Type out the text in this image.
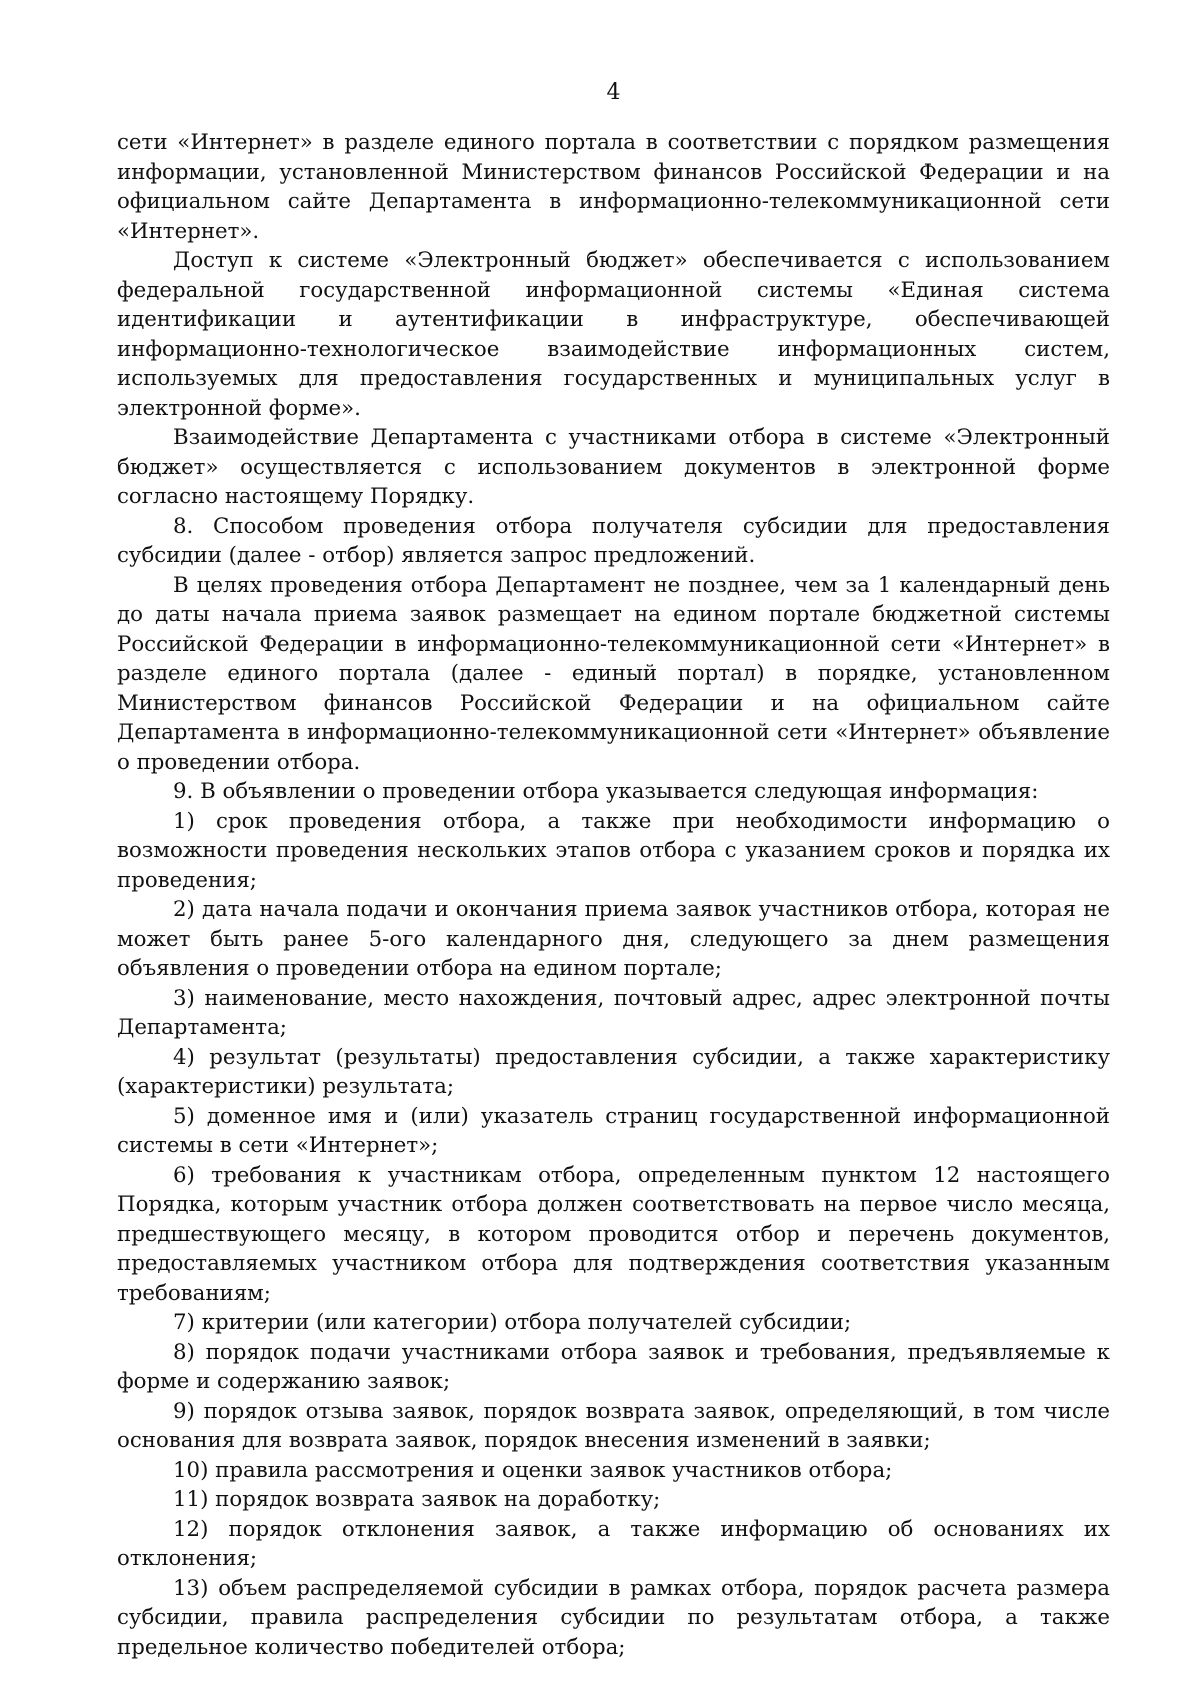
4

сети «Интернет» в разделе единого портала в соответствии с порядком размещения информации, установленной Министерством финансов Российской Федерации и на официальном сайте Департамента в информационно-телекоммуникационной сети «Интернет».

Доступ к системе «Электронный бюджет» обеспечивается с использованием федеральной государственной информационной системы «Единая система идентификации и аутентификации в инфраструктуре, обеспечивающей информационно-технологическое взаимодействие информационных систем, используемых для предоставления государственных и муниципальных услуг в электронной форме».

Взаимодействие Департамента с участниками отбора в системе «Электронный бюджет» осуществляется с использованием документов в электронной форме согласно настоящему Порядку.

8. Способом проведения отбора получателя субсидии для предоставления субсидии (далее - отбор) является запрос предложений.

В целях проведения отбора Департамент не позднее, чем за 1 календарный день до даты начала приема заявок размещает на едином портале бюджетной системы Российской Федерации в информационно-телекоммуникационной сети «Интернет» в разделе единого портала (далее - единый портал) в порядке, установленном Министерством финансов Российской Федерации и на официальном сайте Департамента в информационно-телекоммуникационной сети «Интернет» объявление о проведении отбора.

9. В объявлении о проведении отбора указывается следующая информация:

1) срок проведения отбора, а также при необходимости информацию о возможности проведения нескольких этапов отбора с указанием сроков и порядка их проведения;

2) дата начала подачи и окончания приема заявок участников отбора, которая не может быть ранее 5-ого календарного дня, следующего за днем размещения объявления о проведении отбора на едином портале;

3) наименование, место нахождения, почтовый адрес, адрес электронной почты Департамента;

4) результат (результаты) предоставления субсидии, а также характеристику (характеристики) результата;

5) доменное имя и (или) указатель страниц государственной информационной системы в сети «Интернет»;

6) требования к участникам отбора, определенным пунктом 12 настоящего Порядка, которым участник отбора должен соответствовать на первое число месяца, предшествующего месяцу, в котором проводится отбор и перечень документов, предоставляемых участником отбора для подтверждения соответствия указанным требованиям;

7) критерии (или категории) отбора получателей субсидии;

8) порядок подачи участниками отбора заявок и требования, предъявляемые к форме и содержанию заявок;

9) порядок отзыва заявок, порядок возврата заявок, определяющий, в том числе основания для возврата заявок, порядок внесения изменений в заявки;

10) правила рассмотрения и оценки заявок участников отбора;

11) порядок возврата заявок на доработку;

12) порядок отклонения заявок, а также информацию об основаниях их отклонения;

13) объем распределяемой субсидии в рамках отбора, порядок расчета размера субсидии, правила распределения субсидии по результатам отбора, а также предельное количество победителей отбора;
